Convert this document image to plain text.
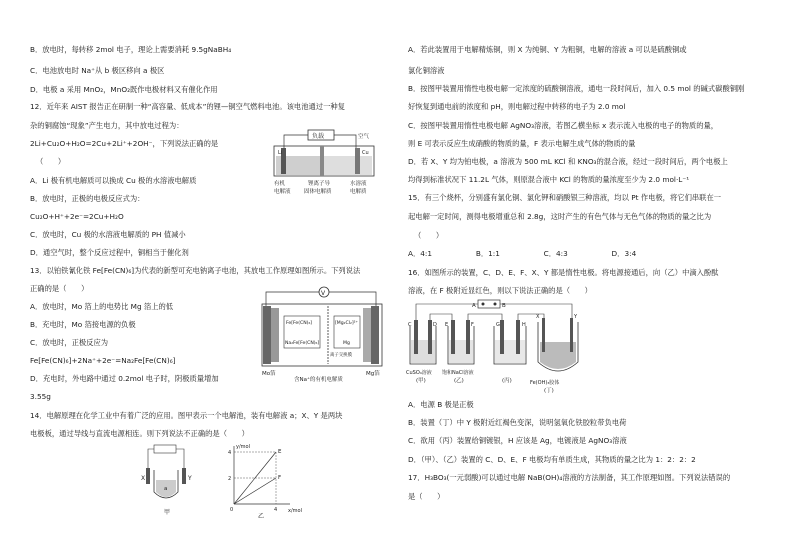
B．放电时，每转移 2mol 电子，理论上需要消耗 9.5gNaBH₄
C．电池放电时 Na⁺从 b 极区移向 a 极区
D．电极 a 采用 MnO₂，MnO₂既作电极材料又有催化作用
12．近年来 AIST 报告正在研制一种“高容量、低成本”的锂—铜空气燃料电池。该电池通过一种复
杂的铜腐蚀“现象”产生电力，其中放电过程为：
2Li+Cu₂O+H₂O=2Cu+2Li⁺+2OH⁻，下列说法正确的是
（　　）
A．Li 极有机电解质可以换成 Cu 极的水溶液电解质
B．放电时，正极的电极反应式为：
Cu₂O+H⁺+2e⁻=2Cu+H₂O
C．放电时，Cu 极的水溶液电解质的 PH 值减小
D．通空气时，整个反应过程中，铜相当于催化剂
13．以铂铁氰化铁 Fe[Fe(CN)₆]为代表的新型可充电钠离子电池，其放电工作原理如图所示。下列说法
正确的是（　　）
A．放电时，Mo 箔上的电势比 Mg 箔上的低
B．充电时，Mo 箔接电源的负极
C．放电时，正极反应为
Fe[Fe(CN)₆]+2Na⁺+2e⁻=Na₂Fe[Fe(CN)₆]
D．充电时，外电路中通过 0.2mol 电子时，阴极质量增加
3.55g
14．电解原理在化学工业中有着广泛的应用。图甲表示一个电解池，装有电解液 a；X、Y 是两块
电极板，通过导线与直流电源相连。则下列说法不正确的是（　　）
负载	空气
Li	Cu
有机	锂离子导	水溶液
电解液 固体电解质	电解质
V
Fe[Fe(CN)₆]
Na₂Fe[Fe(CN)₆]
[Mg₂Cl₂]²⁺
Mg
离子交换膜
Mo箔	Mg箔
含Na⁺的有机电解质
X	Y
a
甲
y/mol
x/mol
E
F
4
2
0	4
乙
A．若此装置用于电解精炼铜，则 X 为纯铜、Y 为粗铜，电解的溶液 a 可以是硫酸铜或
氯化铜溶液
B．按图甲装置用惰性电极电解一定浓度的硫酸铜溶液，通电一段时间后，加入 0.5 mol 的碱式碳酸铜刚
好恢复到通电前的浓度和 pH，则电解过程中转移的电子为 2.0 mol
C．按图甲装置用惰性电极电解 AgNO₃溶液，若图乙横坐标 x 表示流入电极的电子的物质的量，
则 E 可表示反应生成硝酸的物质的量，F 表示电解生成气体的物质的量
D．若 X、Y 均为铂电极，a 溶液为 500 mL KCl 和 KNO₃的混合液，经过一段时间后，两个电极上
均得到标准状况下 11.2L 气体，则原混合液中 KCl 的物质的量浓度至少为 2.0 mol·L⁻¹
15．有三个烧杯，分别盛有氯化铜、氯化钾和硝酸银三种溶液，均以 Pt 作电极，将它们串联在一
起电解一定时间，测得电极增重总和 2.8g，这时产生的有色气体与无色气体的物质的量之比为
（　　）
A．4:1　　　　　　B．1:1　　　　　　C．4:3　　　　　　D．3:4
16．如图所示的装置，C、D、E、F、X、Y 都是惰性电极。将电源接通后，向（乙）中滴入酚酞
溶液，在 F 极附近显红色，则以下说法正确的是（　　）
A．电源 B 极是正极
B．装置（丁）中 Y 极附近红褐色变深，说明氢氧化铁胶粒带负电荷
C．欲用（丙）装置给铜镀银，H 应该是 Ag，电镀液是 AgNO₃溶液
D．（甲）、（乙）装置的 C、D、E、F 电极均有单质生成，其物质的量之比为 1：2：2：2
17．H₃BO₃(一元弱酸)可以通过电解 NaB(OH)₄溶液的方法制备，其工作原理如图。下列说法错误的
是（　　）
A	B
C	D
CuSO₄溶液
(甲)
E	F
饱和NaCl溶液
(乙)
G	H
(丙)
X	Y
Fe(OH)₃胶体
(丁)
